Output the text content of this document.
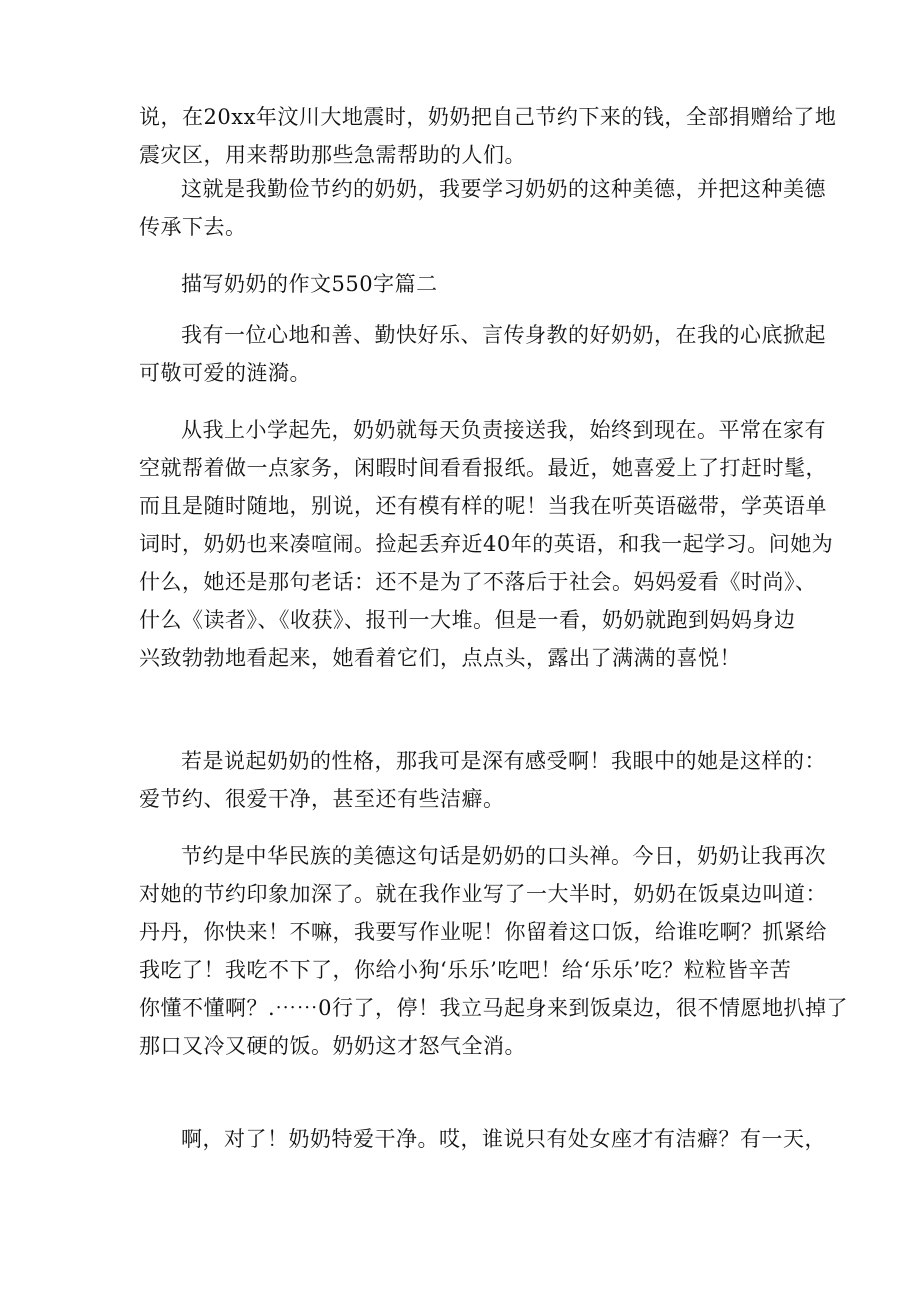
说，在20xx年汶川大地震时，奶奶把自己节约下来的钱，全部捐赠给了地
震灾区，用来帮助那些急需帮助的人们。
这就是我勤俭节约的奶奶，我要学习奶奶的这种美德，并把这种美德
传承下去。
描写奶奶的作文550字篇二
我有一位心地和善、勤快好乐、言传身教的好奶奶，在我的心底掀起
可敬可爱的涟漪。
从我上小学起先，奶奶就每天负责接送我，始终到现在。平常在家有
空就帮着做一点家务，闲暇时间看看报纸。最近，她喜爱上了打赶时髦，
而且是随时随地，别说，还有模有样的呢！当我在听英语磁带，学英语单
词时，奶奶也来凑喧闹。捡起丢弃近40年的英语，和我一起学习。问她为
什么，她还是那句老话：还不是为了不落后于社会。妈妈爱看《时尚》、
什么《读者》、《收获》、报刊一大堆。但是一看，奶奶就跑到妈妈身边
兴致勃勃地看起来，她看着它们，点点头，露出了满满的喜悦！
若是说起奶奶的性格，那我可是深有感受啊！我眼中的她是这样的：
爱节约、很爱干净，甚至还有些洁癖。
节约是中华民族的美德这句话是奶奶的口头禅。今日，奶奶让我再次
对她的节约印象加深了。就在我作业写了一大半时，奶奶在饭桌边叫道：
丹丹，你快来！不嘛，我要写作业呢！你留着这口饭，给谁吃啊？抓紧给
我吃了！我吃不下了，你给小狗‘乐乐’吃吧！给‘乐乐’吃？粒粒皆辛苦
你懂不懂啊？.⋯⋯0行了，停！我立马起身来到饭桌边，很不情愿地扒掉了
那口又冷又硬的饭。奶奶这才怒气全消。
啊，对了！奶奶特爱干净。哎，谁说只有处女座才有洁癖？有一天，
